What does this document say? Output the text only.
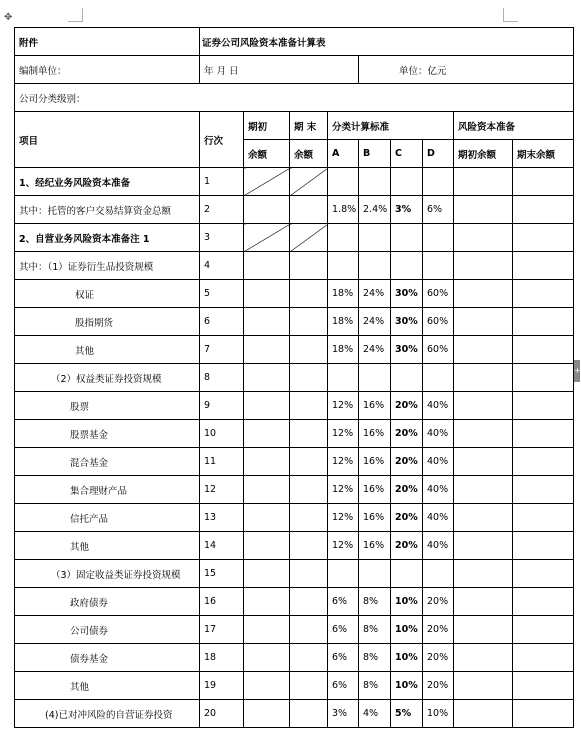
✥
+
附件	证券公司风险资本准备计算表								
编制单位：	年 月 日				单位：亿元				
公司分类级别：									
项目	行次	期初	期 末	分类计算标准				风险资本准备	
		余额	余额	A	B	C	D	期初余额	期末余额
1、经纪业务风险资本准备	1								
其中：托管的客户交易结算资金总额	2			1.8%	2.4%	3%	6%		
2、自营业务风险资本准备注 1	3								
其中：（1）证券衍生品投资规模	4								
权证	5			18%	24%	30%	60%		
股指期货	6			18%	24%	30%	60%		
其他	7			18%	24%	30%	60%		
（2）权益类证券投资规模	8								
股票	9			12%	16%	20%	40%		
股票基金	10			12%	16%	20%	40%		
混合基金	11			12%	16%	20%	40%		
集合理财产品	12			12%	16%	20%	40%		
信托产品	13			12%	16%	20%	40%		
其他	14			12%	16%	20%	40%		
（3）固定收益类证券投资规模	15								
政府债券	16			6%	8%	10%	20%		
公司债券	17			6%	8%	10%	20%		
债券基金	18			6%	8%	10%	20%		
其他	19			6%	8%	10%	20%		
(4)已对冲风险的自营证券投资	20			3%	4%	5%	10%		
